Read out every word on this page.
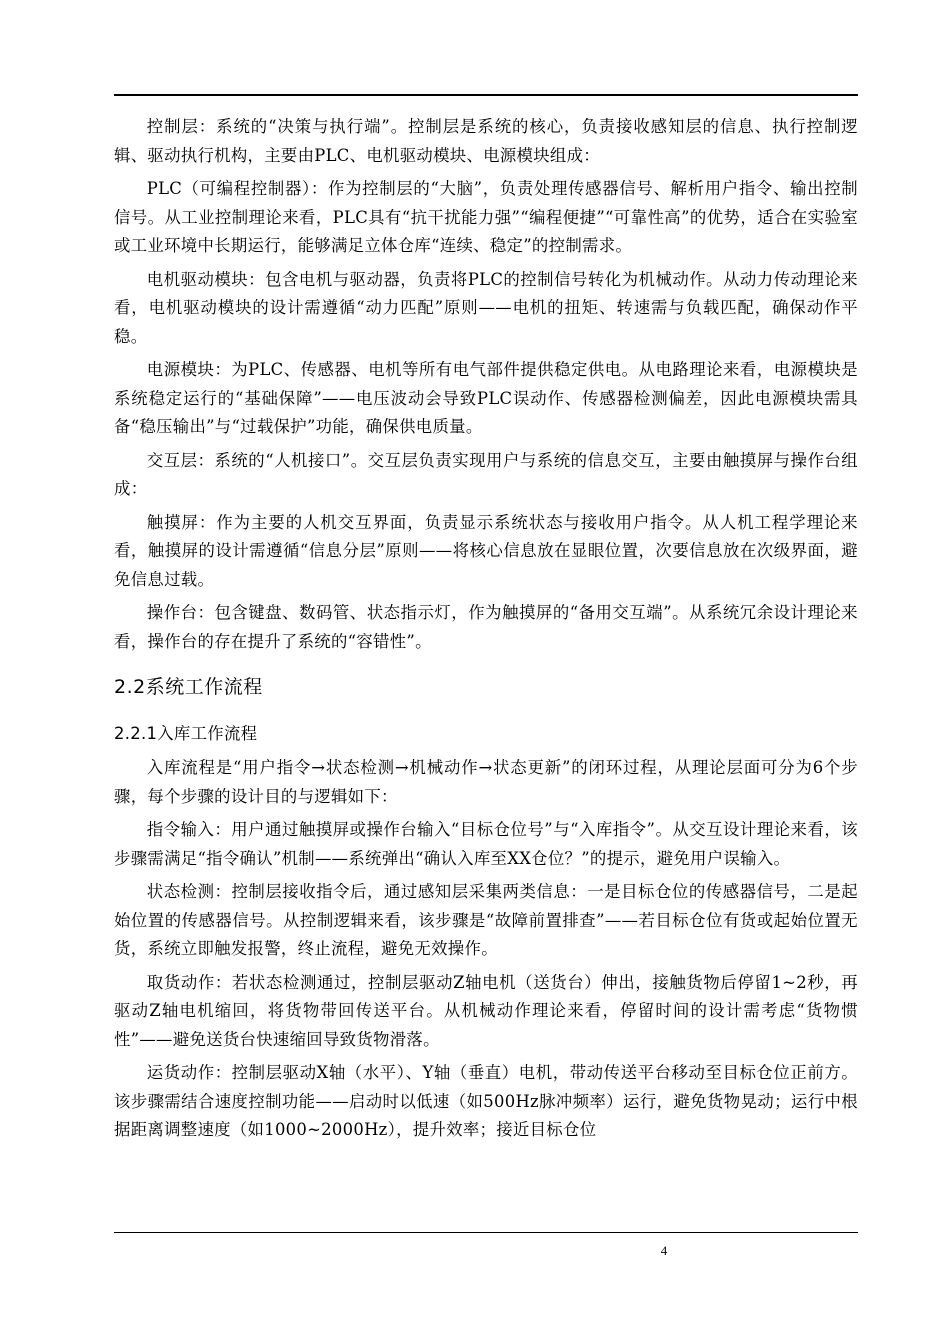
控制层：系统的“决策与执行端”。控制层是系统的核心，负责接收感知层的信息、执行控制逻辑、驱动执行机构，主要由PLC、电机驱动模块、电源模块组成：

PLC（可编程控制器）：作为控制层的“大脑”，负责处理传感器信号、解析用户指令、输出控制信号。从工业控制理论来看，PLC具有“抗干扰能力强”“编程便捷”“可靠性高”的优势，适合在实验室或工业环境中长期运行，能够满足立体仓库“连续、稳定”的控制需求。

电机驱动模块：包含电机与驱动器，负责将PLC的控制信号转化为机械动作。从动力传动理论来看，电机驱动模块的设计需遵循“动力匹配”原则——电机的扭矩、转速需与负载匹配，确保动作平稳。

电源模块：为PLC、传感器、电机等所有电气部件提供稳定供电。从电路理论来看，电源模块是系统稳定运行的“基础保障”——电压波动会导致PLC误动作、传感器检测偏差，因此电源模块需具备“稳压输出”与“过载保护”功能，确保供电质量。

交互层：系统的“人机接口”。交互层负责实现用户与系统的信息交互，主要由触摸屏与操作台组成：

触摸屏：作为主要的人机交互界面，负责显示系统状态与接收用户指令。从人机工程学理论来看，触摸屏的设计需遵循“信息分层”原则——将核心信息放在显眼位置，次要信息放在次级界面，避免信息过载。

操作台：包含键盘、数码管、状态指示灯，作为触摸屏的“备用交互端”。从系统冗余设计理论来看，操作台的存在提升了系统的“容错性”。

2.2系统工作流程
2.2.1入库工作流程

入库流程是“用户指令→状态检测→机械动作→状态更新”的闭环过程，从理论层面可分为6个步骤，每个步骤的设计目的与逻辑如下：

指令输入：用户通过触摸屏或操作台输入“目标仓位号”与“入库指令”。从交互设计理论来看，该步骤需满足“指令确认”机制——系统弹出“确认入库至XX仓位？”的提示，避免用户误输入。

状态检测：控制层接收指令后，通过感知层采集两类信息：一是目标仓位的传感器信号，二是起始位置的传感器信号。从控制逻辑来看，该步骤是“故障前置排查”——若目标仓位有货或起始位置无货，系统立即触发报警，终止流程，避免无效操作。

取货动作：若状态检测通过，控制层驱动Z轴电机（送货台）伸出，接触货物后停留1~2秒，再驱动Z轴电机缩回，将货物带回传送平台。从机械动作理论来看，停留时间的设计需考虑“货物惯性”——避免送货台快速缩回导致货物滑落。

运货动作：控制层驱动X轴（水平）、Y轴（垂直）电机，带动传送平台移动至目标仓位正前方。该步骤需结合速度控制功能——启动时以低速（如500Hz脉冲频率）运行，避免货物晃动；运行中根据距离调整速度（如1000~2000Hz），提升效率；接近目标仓位

4
